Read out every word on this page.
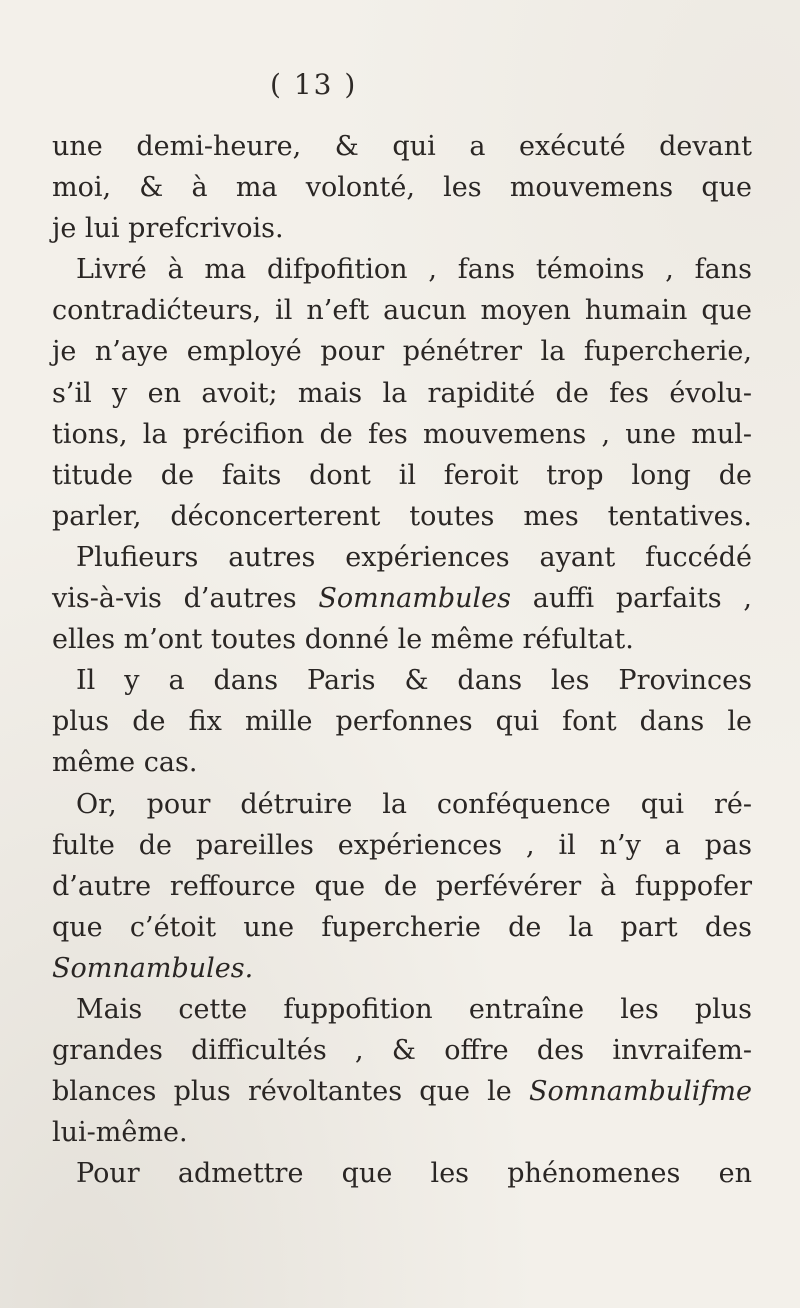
( 13 )
une demi-heure, & qui a exécuté devant
moi, & à ma volonté, les mouvemens que
je lui prefcrivois.
Livré à ma difpofition , fans témoins , fans
contradićteurs, il n’eft aucun moyen humain que
je n’aye employé pour pénétrer la fupercherie,
s’il y en avoit; mais la rapidité de fes évolu-
tions, la précifion de fes mouvemens , une mul-
titude de faits dont il feroit trop long de
parler, déconcerterent toutes mes tentatives.
Plufieurs autres expériences ayant fuccédé
vis-à-vis d’autres Somnambules auffi parfaits ,
elles m’ont toutes donné le même réfultat.
Il y a dans Paris & dans les Provinces
plus de fix mille perfonnes qui font dans le
même cas.
Or, pour détruire la conféquence qui ré-
fulte de pareilles expériences , il n’y a pas
d’autre reffource que de perfévérer à fuppofer
que c’étoit une fupercherie de la part des
Somnambules.
Mais cette fuppofition entraîne les plus
grandes difficultés , & offre des invraifem-
blances plus révoltantes que le Somnambulifme
lui-même.
Pour admettre que les phénomenes en
